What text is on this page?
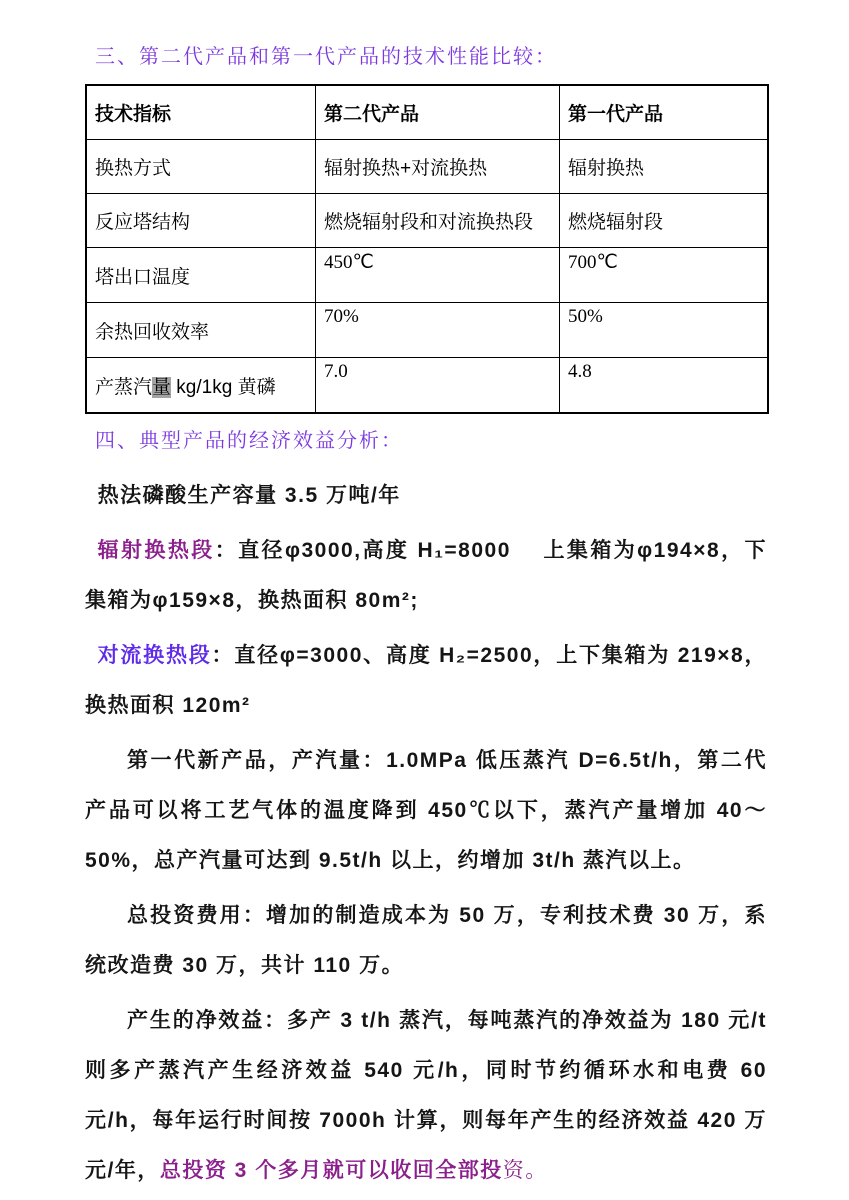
三、第二代产品和第一代产品的技术性能比较：
技术指标	第二代产品	第一代产品
换热方式	辐射换热+对流换热	辐射换热
反应塔结构	燃烧辐射段和对流换热段	燃烧辐射段
塔出口温度	450℃	700℃
余热回收效率	70%	50%
产蒸汽量 kg/1kg 黄磷	7.0	4.8
四、典型产品的经济效益分析：

热法磷酸生产容量 3.5 万吨/年

辐射换热段：直径φ3000,高度 H₁=8000　 上集箱为φ194×8，下集箱为φ159×8，换热面积 80m²;

对流换热段：直径φ=3000、高度 H₂=2500，上下集箱为 219×8，换热面积 120m²

第一代新产品，产汽量：1.0MPa 低压蒸汽 D=6.5t/h，第二代产品可以将工艺气体的温度降到 450℃以下，蒸汽产量增加 40～50%，总产汽量可达到 9.5t/h 以上，约增加 3t/h 蒸汽以上。

总投资费用：增加的制造成本为 50 万，专利技术费 30 万，系统改造费 30 万，共计 110 万。

产生的净效益：多产 3 t/h 蒸汽，每吨蒸汽的净效益为 180 元/t 则多产蒸汽产生经济效益 540 元/h，同时节约循环水和电费 60 元/h，每年运行时间按 7000h 计算，则每年产生的经济效益 420 万元/年，总投资 3 个多月就可以收回全部投资。
